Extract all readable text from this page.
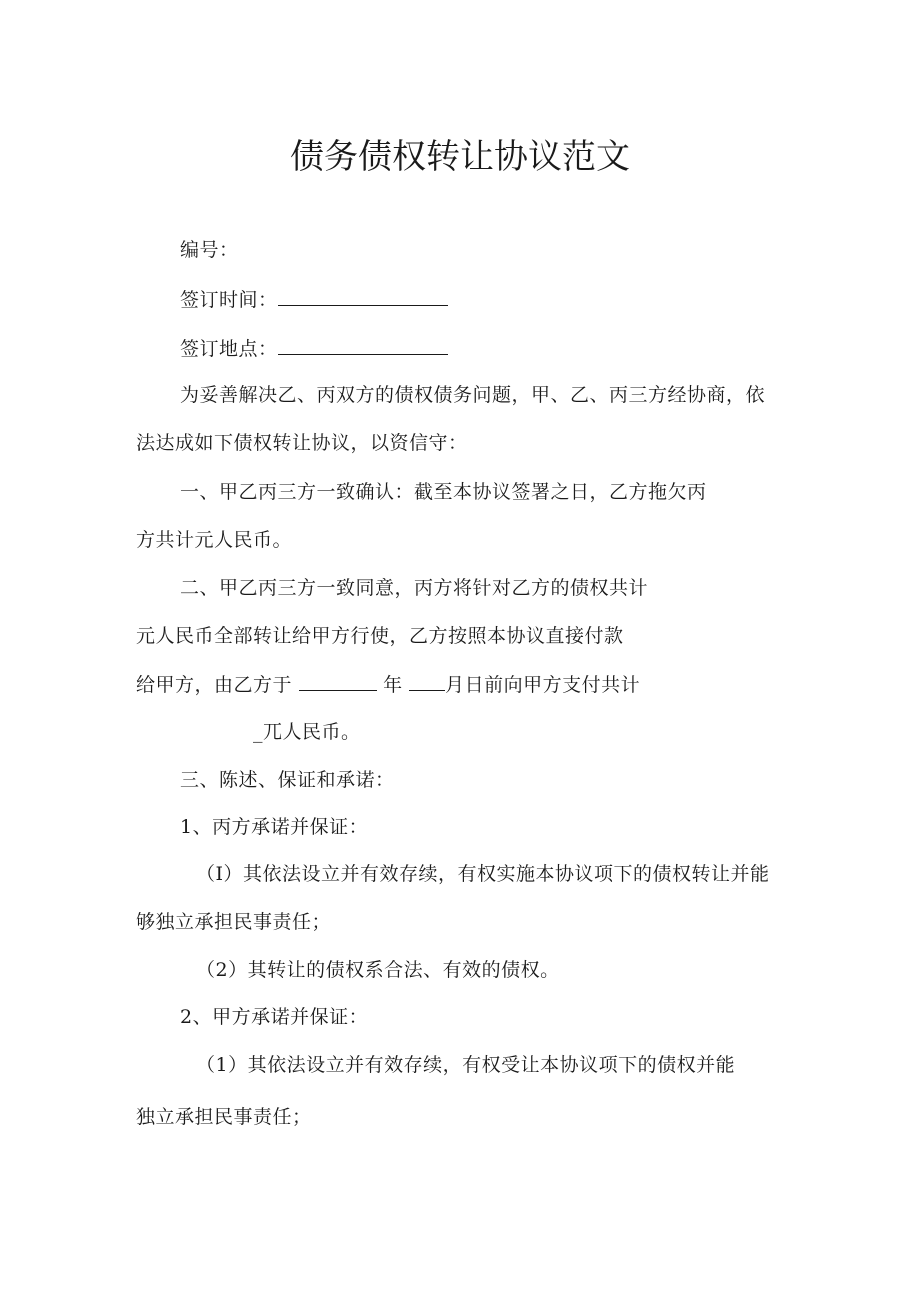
债务债权转让协议范文
编号：
签订时间：
签订地点：
为妥善解决乙、丙双方的债权债务问题，甲、乙、丙三方经协商，依
法达成如下债权转让协议，以资信守：
一、甲乙丙三方一致确认：截至本协议签署之日，乙方拖欠丙
方共计元人民币。
二、甲乙丙三方一致同意，丙方将针对乙方的债权共计
元人民币全部转让给甲方行使，乙方按照本协议直接付款
给甲方，由乙方于	年 月日前向甲方支付共计
_兀人民币。
三、陈述、保证和承诺：
1、丙方承诺并保证：
（I）其依法设立并有效存续，有权实施本协议项下的债权转让并能
够独立承担民事责任；
（2）其转让的债权系合法、有效的债权。
2、甲方承诺并保证：
（1）其依法设立并有效存续，有权受让本协议项下的债权并能
独立承担民事责任；
